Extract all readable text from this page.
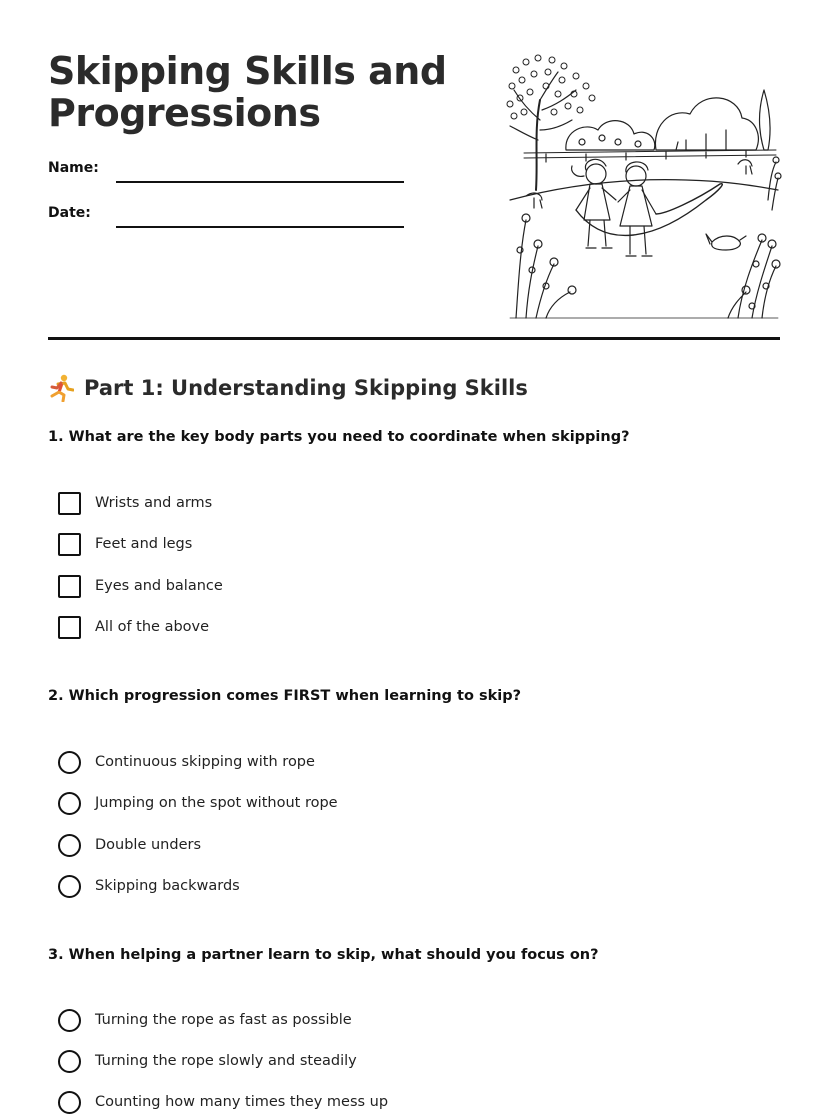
Skipping Skills and
Progressions
Name:
Date:
Part 1: Understanding Skipping Skills
1. What are the key body parts you need to coordinate when skipping?
Wrists and arms
Feet and legs
Eyes and balance
All of the above
2. Which progression comes FIRST when learning to skip?
Continuous skipping with rope
Jumping on the spot without rope
Double unders
Skipping backwards
3. When helping a partner learn to skip, what should you focus on?
Turning the rope as fast as possible
Turning the rope slowly and steadily
Counting how many times they mess up
